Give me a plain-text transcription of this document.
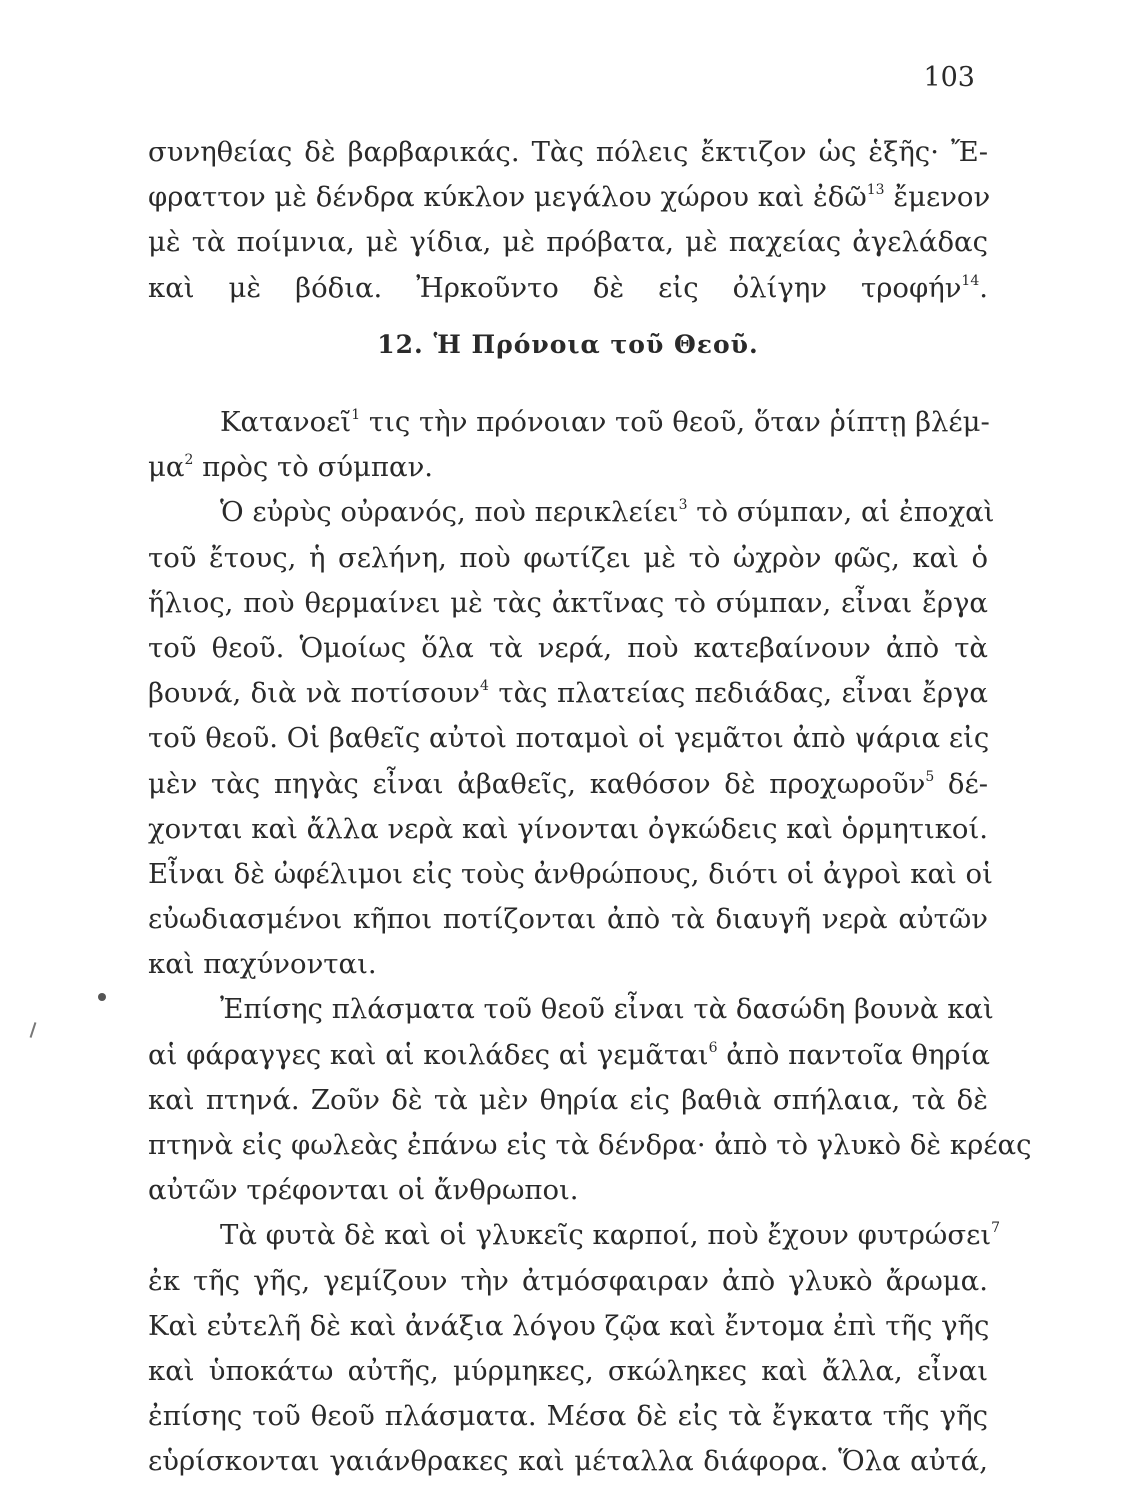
103
συνηθείας δὲ βαρβαρικάς. Τὰς πόλεις ἔκτιζον ὡς ἑξῆς· Ἔ-
φραττον μὲ δένδρα κύκλον μεγάλου χώρου καὶ ἐδῶ$^{13}$ ἔμενον
μὲ τὰ ποίμνια, μὲ γίδια, μὲ πρόβατα, μὲ παχείας ἀγελάδας
καὶ μὲ βόδια. Ἠρκοῦντο δὲ εἰς ὀλίγην τροφήν$^{14}$.
12. Ἡ Πρόνοια τοῦ Θεοῦ.
Κατανοεῖ$^1$ τις τὴν πρόνοιαν τοῦ θεοῦ, ὅταν ῥίπτῃ βλέμ-
$\mu\alpha^2$ πρὸς τὸ σύμπαν.
Ὁ εὐρὺς οὐρανός, ποὺ περικλείει$^3$ τὸ σύμπαν, αἱ ἐποχαὶ
τοῦ ἔτους, ἡ σελήνη, ποὺ φωτίζει μὲ τὸ ὠχρὸν φῶς, καὶ ὁ
ἥλιος, ποὺ θερμαίνει μὲ τὰς ἀκτῖνας τὸ σύμπαν, εἶναι ἔργα
τοῦ θεοῦ. Ὁμοίως ὅλα τὰ νερά, ποὺ κατεβαίνουν ἀπὸ τὰ
βουνά, διὰ νὰ ποτίσουν$^4$ τὰς πλατείας πεδιάδας, εἶναι ἔργα
τοῦ θεοῦ. Οἱ βαθεῖς αὐτοὶ ποταμοὶ οἱ γεμᾶτοι ἀπὸ ψάρια εἰς
μὲν τὰς πηγὰς εἶναι ἀβαθεῖς, καθόσον δὲ προχωροῦν$^5$ δέ-
χονται καὶ ἄλλα νερὰ καὶ γίνονται ὀγκώδεις καὶ ὁρμητικοί.
Εἶναι δὲ ὠφέλιμοι εἰς τοὺς ἀνθρώπους, διότι οἱ ἀγροὶ καὶ οἱ
εὐωδιασμένοι κῆποι ποτίζονται ἀπὸ τὰ διαυγῆ νερὰ αὐτῶν
καὶ παχύνονται.
Ἐπίσης πλάσματα τοῦ θεοῦ εἶναι τὰ δασώδη βουνὰ καὶ
αἱ φάραγγες καὶ αἱ κοιλάδες αἱ γεμᾶται$^6$ ἀπὸ παντοῖα θηρία
καὶ πτηνά. Ζοῦν δὲ τὰ μὲν θηρία εἰς βαθιὰ σπήλαια, τὰ δὲ
πτηνὰ εἰς φωλεὰς ἐπάνω εἰς τὰ δένδρα· ἀπὸ τὸ γλυκὸ δὲ κρέας
αὐτῶν τρέφονται οἱ ἄνθρωποι.
Τὰ φυτὰ δὲ καὶ οἱ γλυκεῖς καρποί, ποὺ ἔχουν φυτρώσει$^7$
ἐκ τῆς γῆς, γεμίζουν τὴν ἀτμόσφαιραν ἀπὸ γλυκὸ ἄρωμα.
Καὶ εὐτελῆ δὲ καὶ ἀνάξια λόγου ζῷα καὶ ἔντομα ἐπὶ τῆς γῆς
καὶ ὑποκάτω αὐτῆς, μύρμηκες, σκώληκες καὶ ἄλλα, εἶναι
ἐπίσης τοῦ θεοῦ πλάσματα. Μέσα δὲ εἰς τὰ ἔγκατα τῆς γῆς
εὑρίσκονται γαιάνθρακες καὶ μέταλλα διάφορα. Ὅλα αὐτά,
